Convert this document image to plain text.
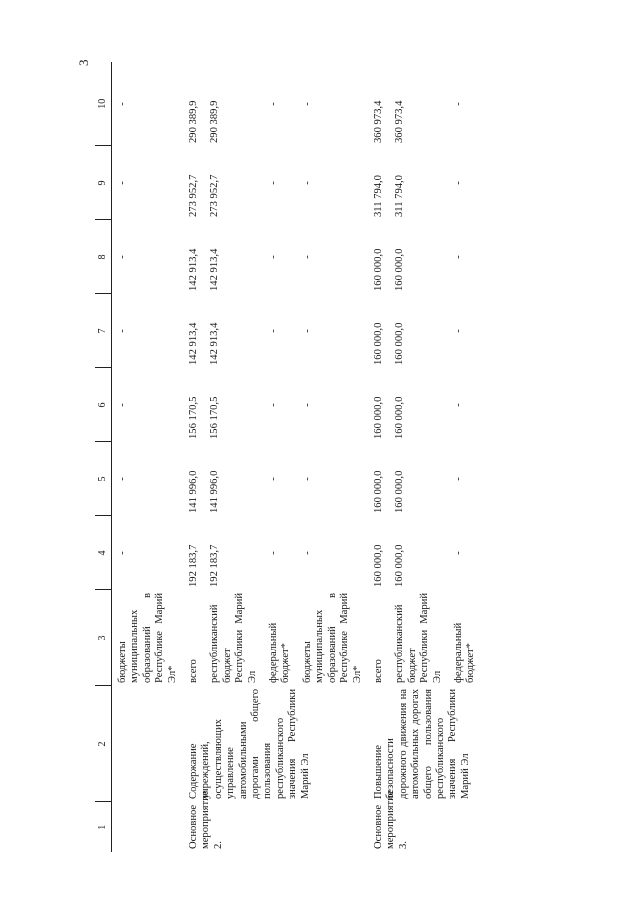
3
1	2	3	4	5	6	7	8	9	10
		бюджеты муниципальных образований в Республике Марий Эл*	-	-	-	-	-	-	-
Основное мероприятие 2.	Содержание учреждений, осуществляющих управление автомобильными дорогами общего пользования республиканского значения Республики Марий Эл	всего	192 183,7	141 996,0	156 170,5	142 913,4	142 913,4	273 952,7	290 389,9
		республиканский бюджет Республики Марий Эл	192 183,7	141 996,0	156 170,5	142 913,4	142 913,4	273 952,7	290 389,9
		федеральный бюджет*	-	-	-	-	-	-	-
		бюджеты муниципальных образований в Республике Марий Эл*	-	-	-	-	-	-	-
Основное мероприятие 3.	Повышение безопасности дорожного движения на автомобильных дорогах общего пользования республиканского значения Республики Марий Эл	всего	160 000,0	160 000,0	160 000,0	160 000,0	160 000,0	311 794,0	360 973,4
		республиканский бюджет Республики Марий Эл	160 000,0	160 000,0	160 000,0	160 000,0	160 000,0	311 794,0	360 973,4
		федеральный бюджет*	-	-	-	-	-	-	-
